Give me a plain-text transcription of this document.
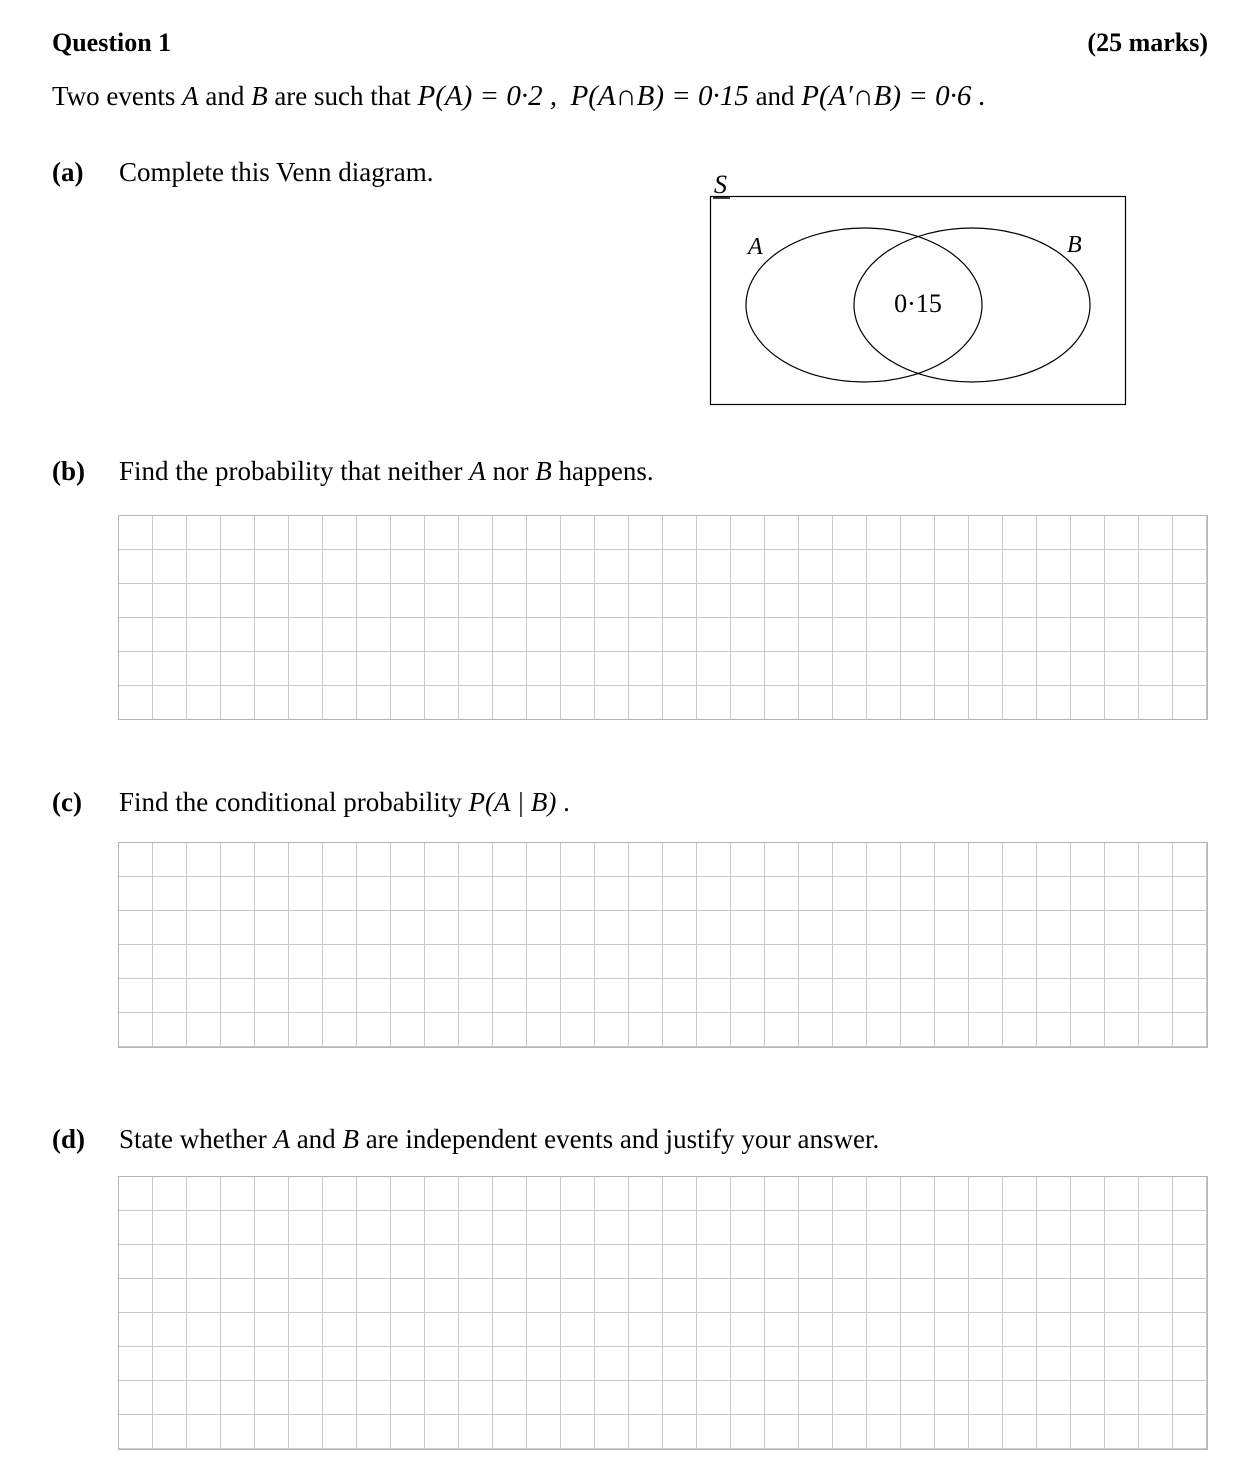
Question 1	(25 marks)
Two events A and B are such that P(A) = 0·2 , P(A∩B) = 0·15 and P(A′∩B) = 0·6 .
(a) Complete this Venn diagram.	S
A	B
0·15
(b) Find the probability that neither A nor B happens.
(c) Find the conditional probability P(A | B) .
(d) State whether A and B are independent events and justify your answer.
